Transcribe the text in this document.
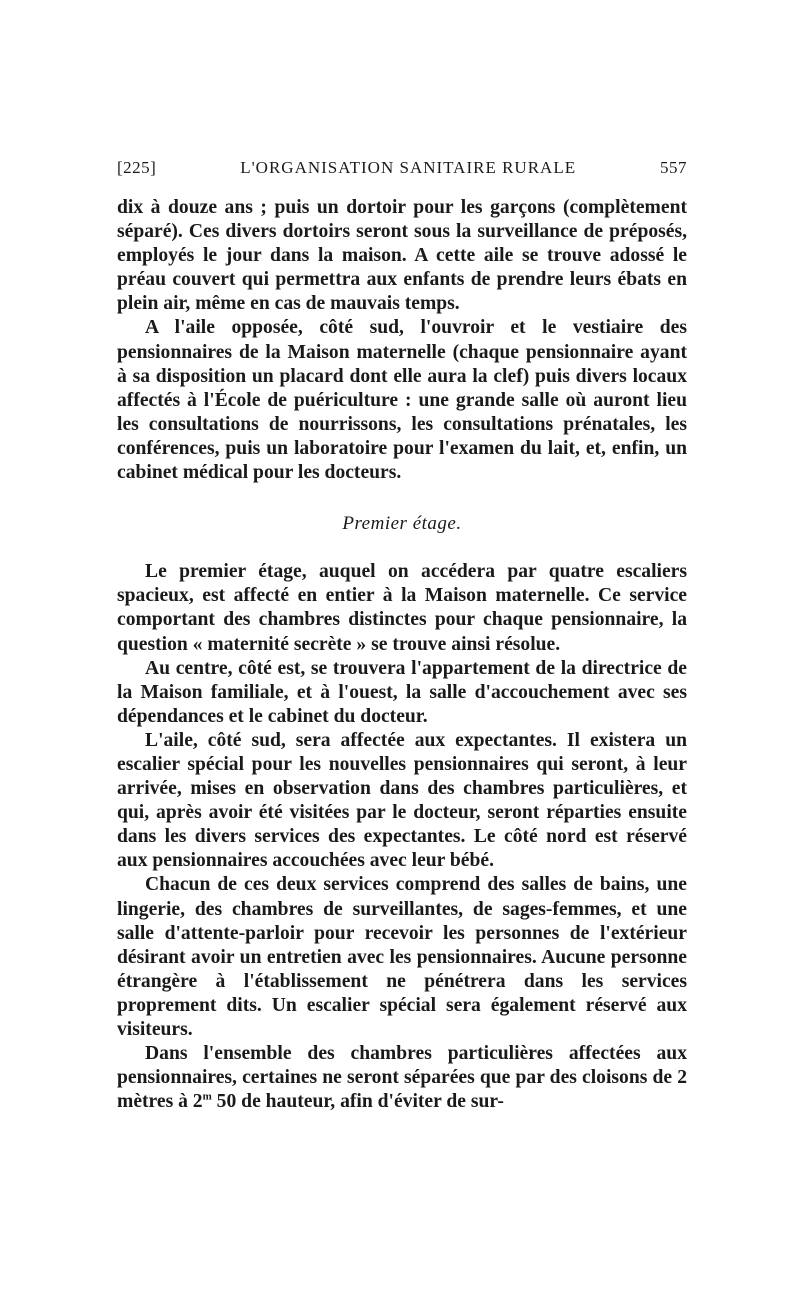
[225]	L'ORGANISATION SANITAIRE RURALE	557

dix à douze ans ; puis un dortoir pour les garçons (complètement séparé). Ces divers dortoirs seront sous la surveillance de préposés, employés le jour dans la maison. A cette aile se trouve adossé le préau couvert qui permettra aux enfants de prendre leurs ébats en plein air, même en cas de mauvais temps.

A l'aile opposée, côté sud, l'ouvroir et le vestiaire des pensionnaires de la Maison maternelle (chaque pensionnaire ayant à sa disposition un placard dont elle aura la clef) puis divers locaux affectés à l'École de puériculture : une grande salle où auront lieu les consultations de nourrissons, les consultations prénatales, les conférences, puis un laboratoire pour l'examen du lait, et, enfin, un cabinet médical pour les docteurs.

Premier étage.

Le premier étage, auquel on accédera par quatre escaliers spacieux, est affecté en entier à la Maison maternelle. Ce service comportant des chambres distinctes pour chaque pensionnaire, la question « maternité secrète » se trouve ainsi résolue.

Au centre, côté est, se trouvera l'appartement de la directrice de la Maison familiale, et à l'ouest, la salle d'accouchement avec ses dépendances et le cabinet du docteur.

L'aile, côté sud, sera affectée aux expectantes. Il existera un escalier spécial pour les nouvelles pensionnaires qui seront, à leur arrivée, mises en observation dans des chambres particulières, et qui, après avoir été visitées par le docteur, seront réparties ensuite dans les divers services des expectantes. Le côté nord est réservé aux pensionnaires accouchées avec leur bébé.

Chacun de ces deux services comprend des salles de bains, une lingerie, des chambres de surveillantes, de sages-femmes, et une salle d'attente-parloir pour recevoir les personnes de l'extérieur désirant avoir un entretien avec les pensionnaires. Aucune personne étrangère à l'établissement ne pénétrera dans les services proprement dits. Un escalier spécial sera également réservé aux visiteurs.

Dans l'ensemble des chambres particulières affectées aux pensionnaires, certaines ne seront séparées que par des cloisons de 2 mètres à 2$^m$ 50 de hauteur, afin d'éviter de sur-
